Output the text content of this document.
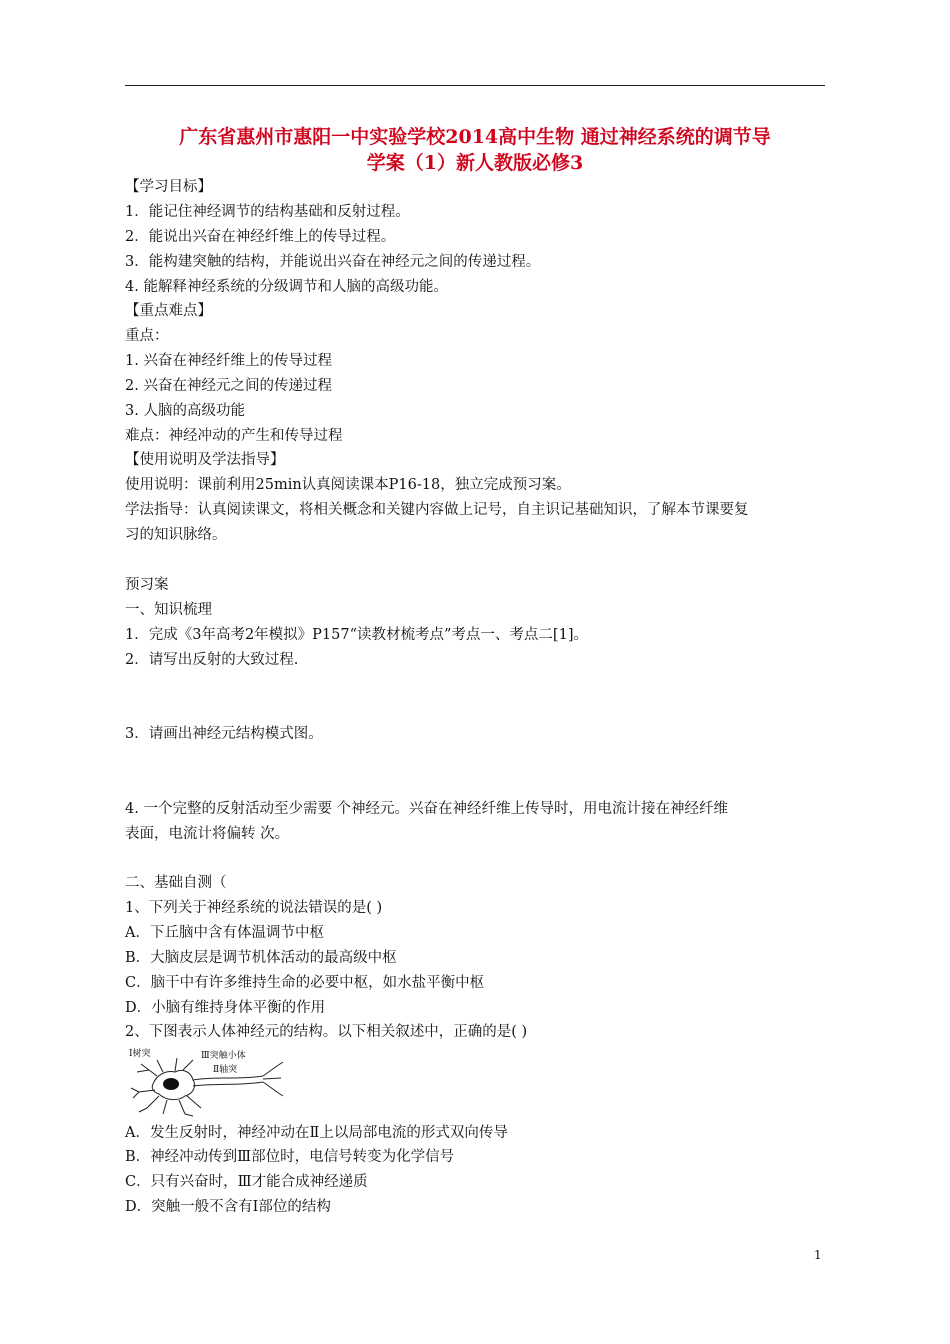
广东省惠州市惠阳一中实验学校2014高中生物 通过神经系统的调节导
学案（1）新人教版必修3
【学习目标】
1．能记住神经调节的结构基础和反射过程。
2．能说出兴奋在神经纤维上的传导过程。
3．能构建突触的结构，并能说出兴奋在神经元之间的传递过程。
4. 能解释神经系统的分级调节和人脑的高级功能。
【重点难点】
重点：
1. 兴奋在神经纤维上的传导过程
2. 兴奋在神经元之间的传递过程
3. 人脑的高级功能
难点：神经冲动的产生和传导过程
【使用说明及学法指导】
使用说明：课前利用25min认真阅读课本P16-18，独立完成预习案。
学法指导：认真阅读课文，将相关概念和关键内容做上记号，自主识记基础知识，了解本节课要复
习的知识脉络。
预习案
一、知识梳理
1．完成《3年高考2年模拟》P157“读教材梳考点”考点一、考点二[1]。
2．请写出反射的大致过程.
3．请画出神经元结构模式图。
4. 一个完整的反射活动至少需要 个神经元。兴奋在神经纤维上传导时，用电流计接在神经纤维
表面，电流计将偏转 次。
二、基础自测（
1、下列关于神经系统的说法错误的是( )
A．下丘脑中含有体温调节中枢
B．大脑皮层是调节机体活动的最高级中枢
C．脑干中有许多维持生命的必要中枢，如水盐平衡中枢
D．小脑有维持身体平衡的作用
2、下图表示人体神经元的结构。以下相关叙述中，正确的是( )
Ⅰ树突	Ⅲ突触小体
Ⅱ轴突
A．发生反射时，神经冲动在Ⅱ上以局部电流的形式双向传导
B．神经冲动传到Ⅲ部位时，电信号转变为化学信号
C．只有兴奋时，Ⅲ才能合成神经递质
D．突触一般不含有Ⅰ部位的结构
1
